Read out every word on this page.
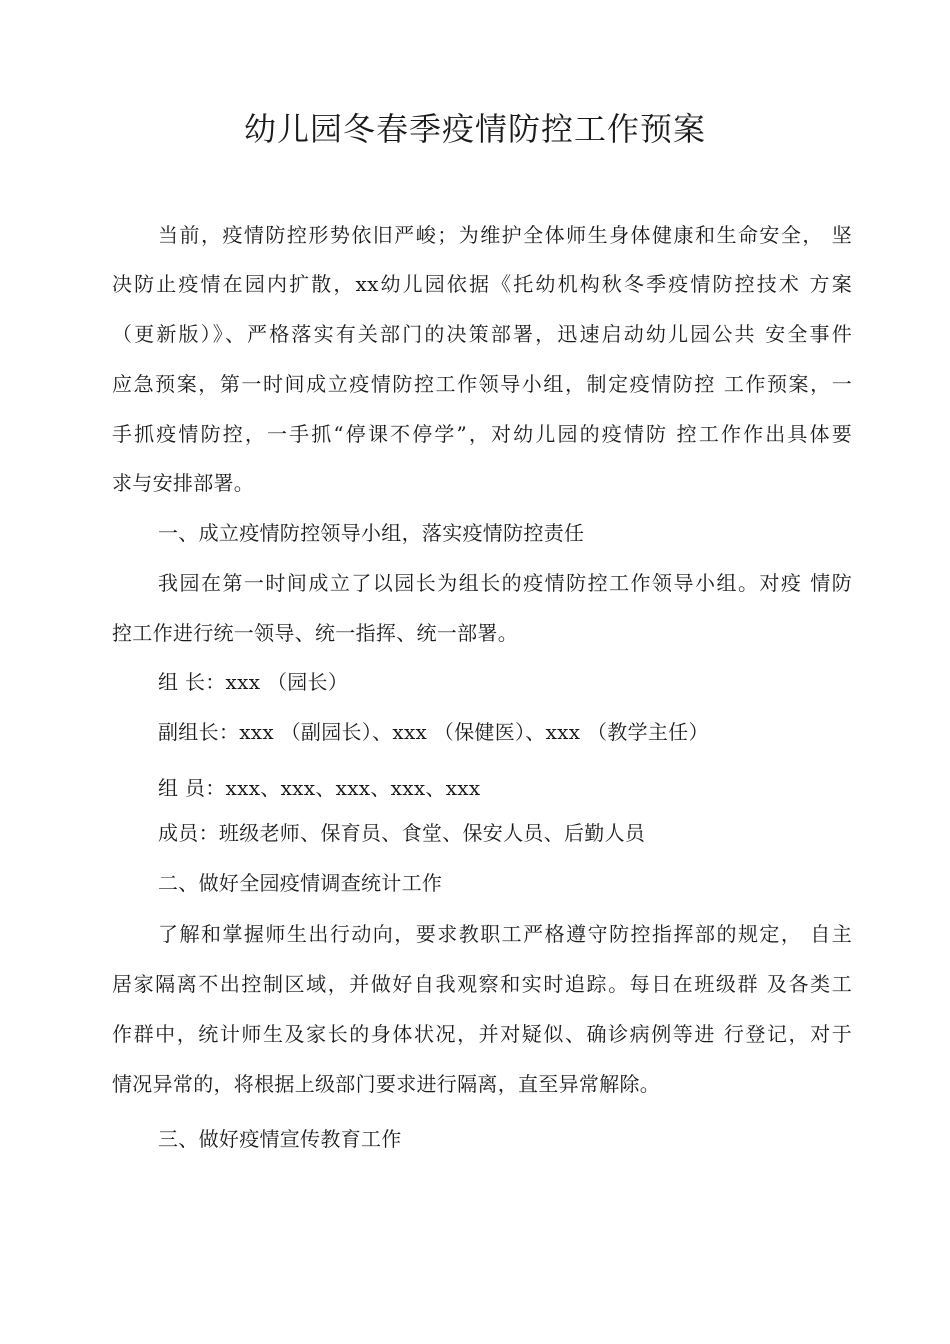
幼儿园冬春季疫情防控工作预案
当前，疫情防控形势依旧严峻；为维护全体师生身体健康和生命安全， 坚
决防止疫情在园内扩散，xx幼儿园依据《托幼机构秋冬季疫情防控技术 方案
（更新版）》、严格落实有关部门的决策部署，迅速启动幼儿园公共 安全事件
应急预案，第一时间成立疫情防控工作领导小组，制定疫情防控 工作预案，一
手抓疫情防控，一手抓“停课不停学”，对幼儿园的疫情防 控工作作出具体要
求与安排部署。
一、成立疫情防控领导小组，落实疫情防控责任
我园在第一时间成立了以园长为组长的疫情防控工作领导小组。对疫 情防
控工作进行统一领导、统一指挥、统一部署。
组 长：xxx （园长）
副组长：xxx （副园长）、xxx （保健医）、xxx （教学主任）
组 员：xxx、xxx、xxx、xxx、xxx
成员：班级老师、保育员、食堂、保安人员、后勤人员
二、做好全园疫情调查统计工作
了解和掌握师生出行动向，要求教职工严格遵守防控指挥部的规定， 自主
居家隔离不出控制区域，并做好自我观察和实时追踪。每日在班级群 及各类工
作群中，统计师生及家长的身体状况，并对疑似、确诊病例等进 行登记，对于
情况异常的，将根据上级部门要求进行隔离，直至异常解除。
三、做好疫情宣传教育工作
